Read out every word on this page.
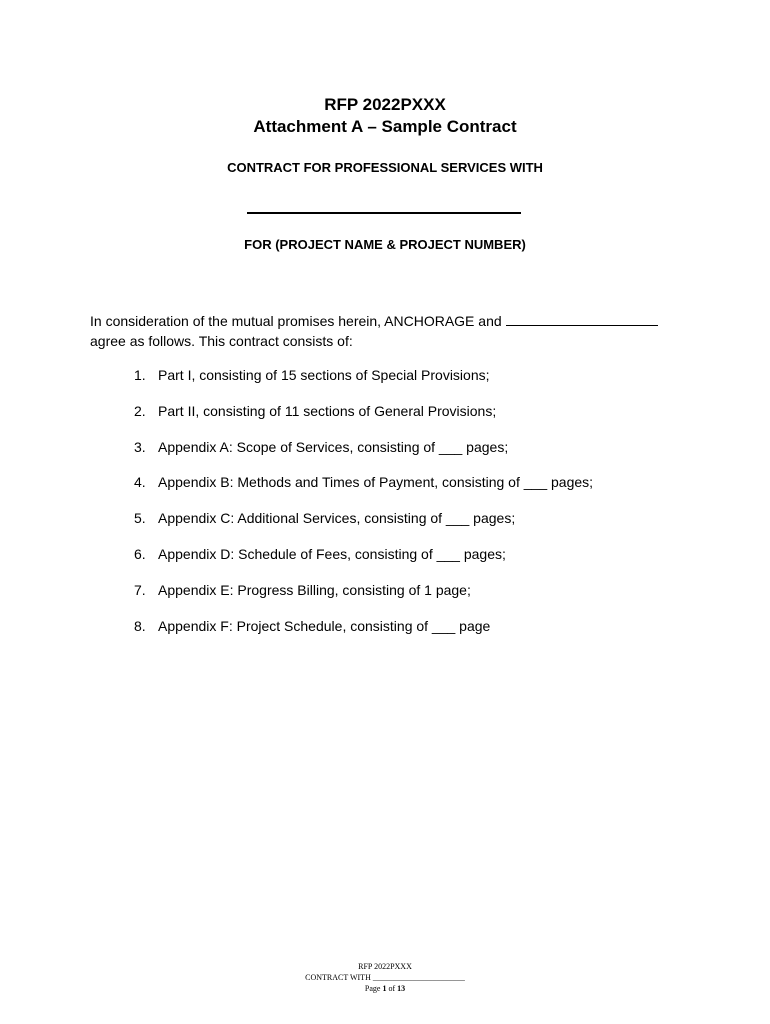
RFP 2022PXXX
Attachment A – Sample Contract
CONTRACT FOR PROFESSIONAL SERVICES WITH
FOR (PROJECT NAME & PROJECT NUMBER)
In consideration of the mutual promises herein, ANCHORAGE and
agree as follows. This contract consists of:
1. Part I, consisting of 15 sections of Special Provisions;
2. Part II, consisting of 11 sections of General Provisions;
3. Appendix A: Scope of Services, consisting of ___ pages;
4. Appendix B: Methods and Times of Payment, consisting of ___ pages;
5. Appendix C: Additional Services, consisting of ___ pages;
6. Appendix D: Schedule of Fees, consisting of ___ pages;
7. Appendix E: Progress Billing, consisting of 1 page;
8. Appendix F: Project Schedule, consisting of ___ page
RFP 2022PXXX
CONTRACT WITH _______________________
Page 1 of 13
